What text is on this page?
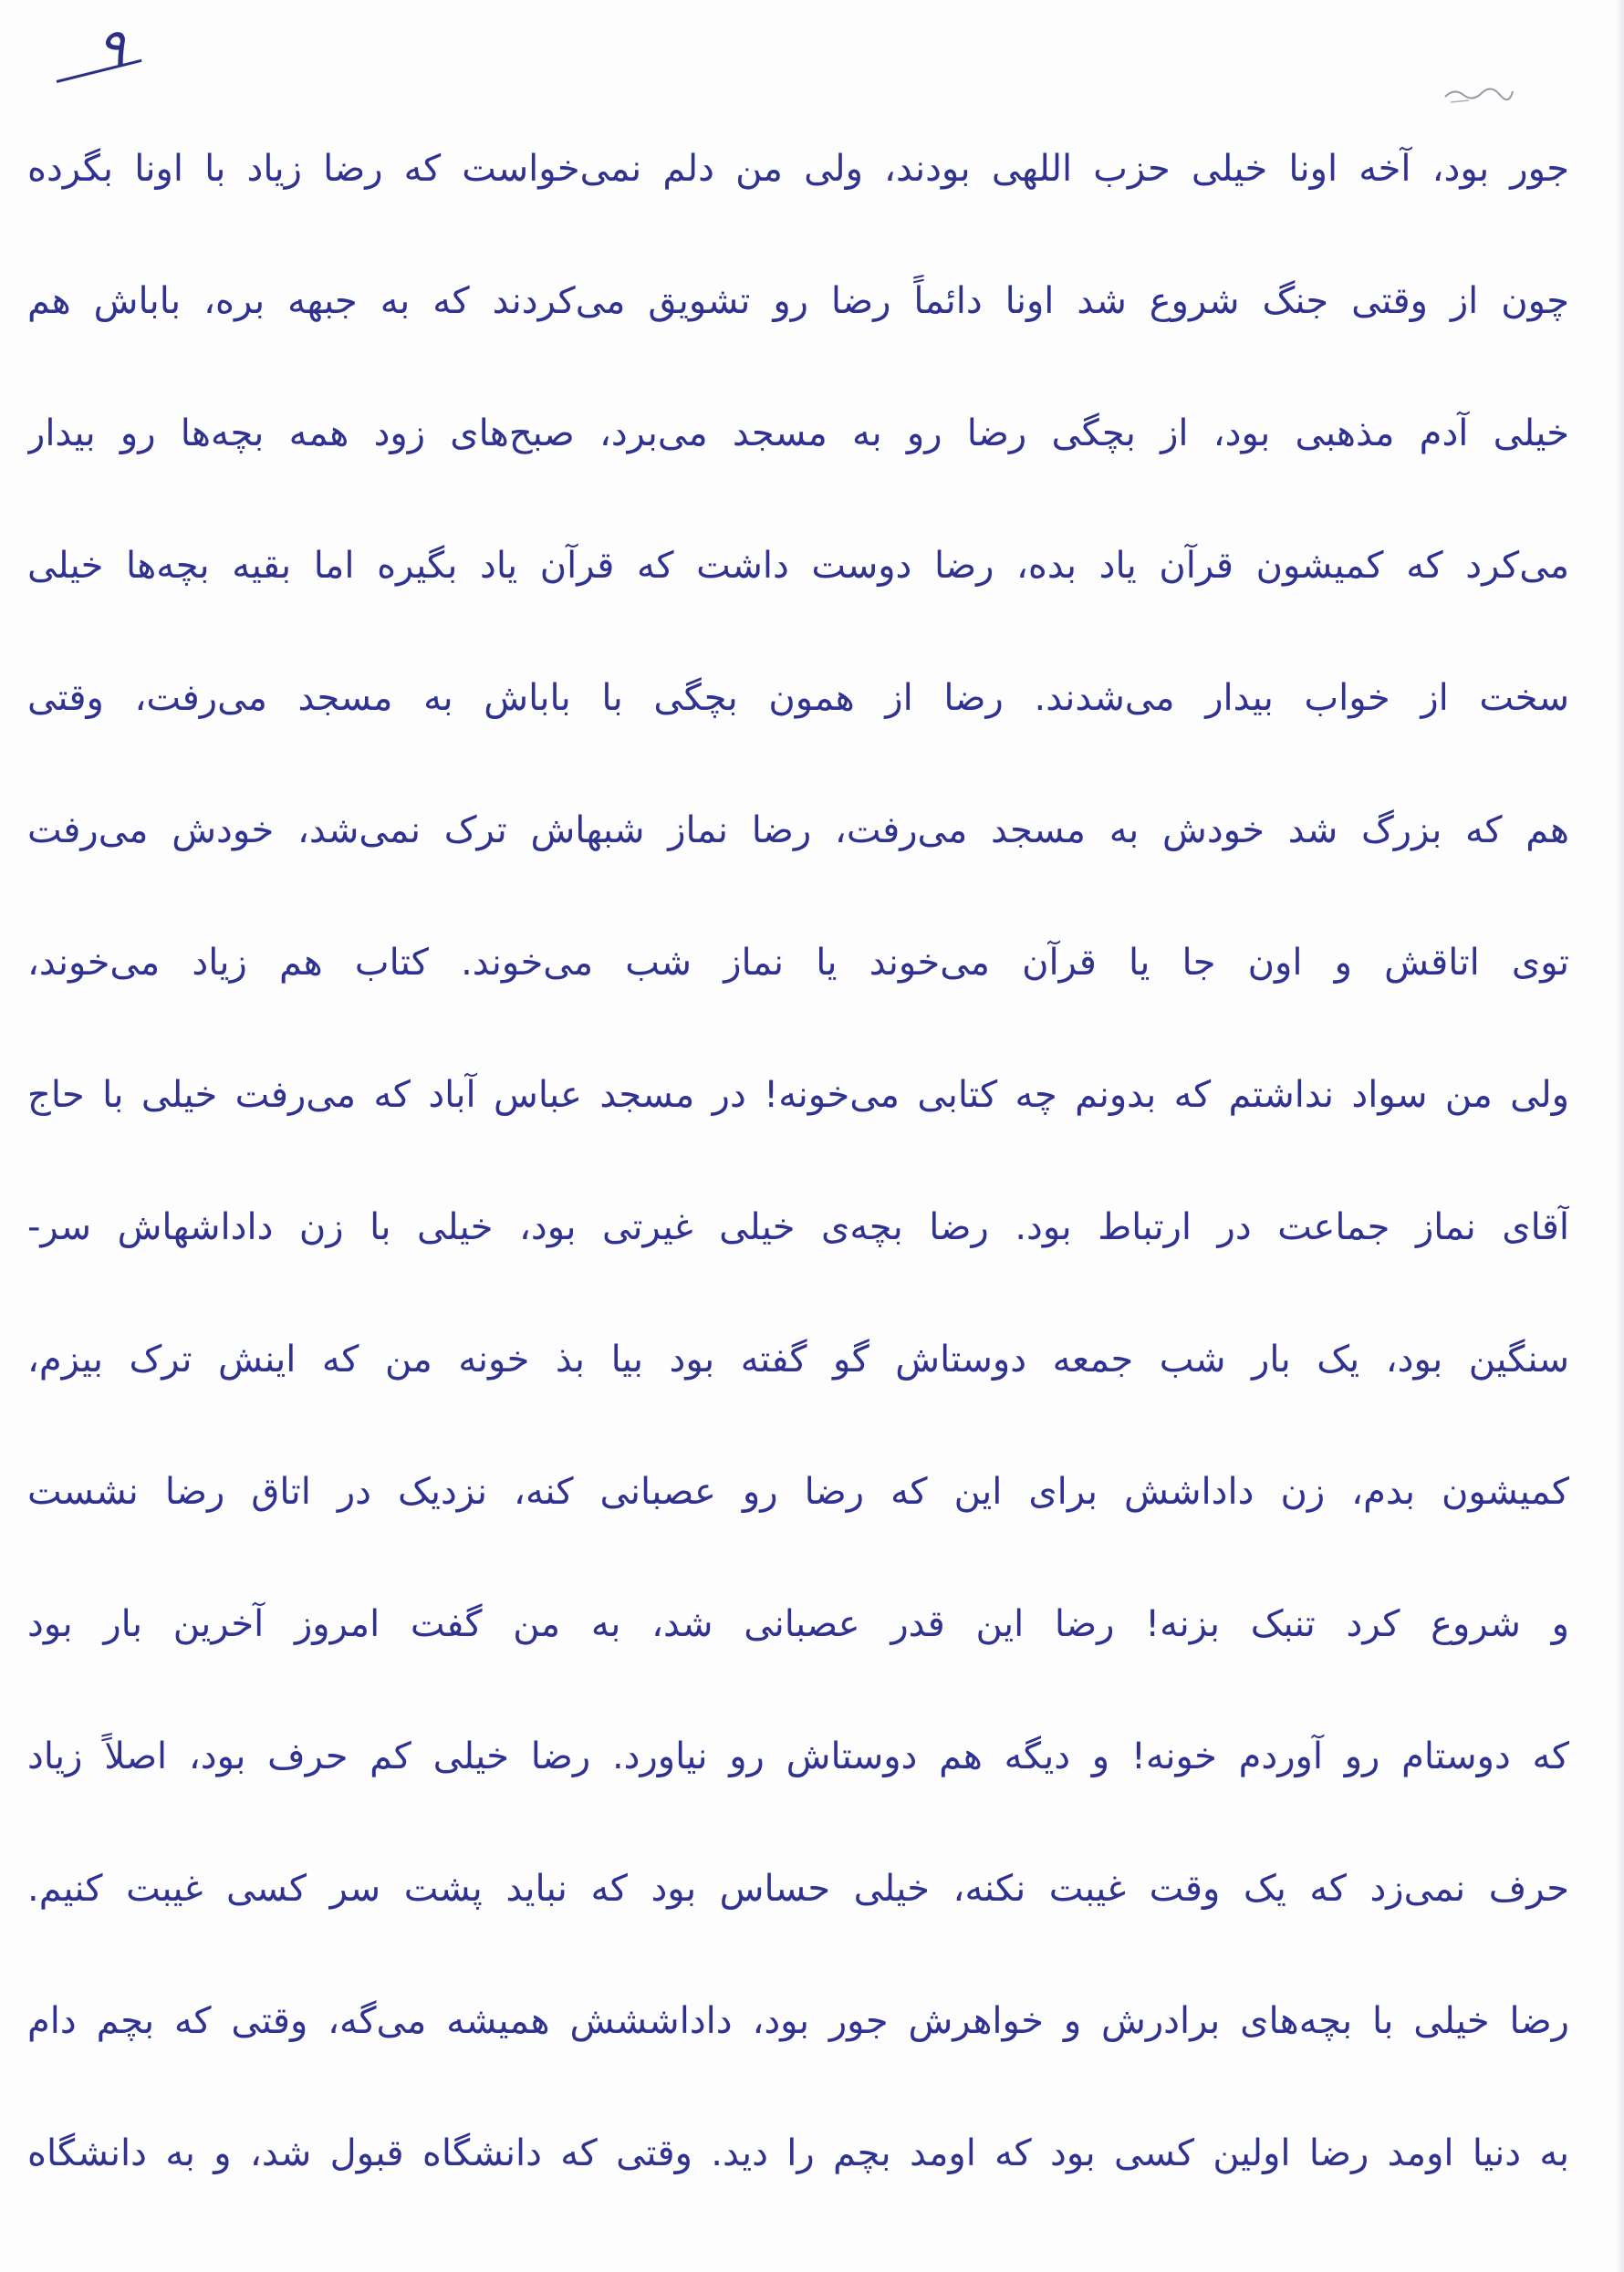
۹
جور بود، آخه اونا خیلی حزب اللهی بودند، ولی من دلم نمی‌خواست که رضا زیاد با اونا بگرده
چون از وقتی جنگ شروع شد اونا دائماً رضا رو تشویق می‌کردند که به جبهه بره، باباش هم
خیلی آدم مذهبی بود، از بچگی رضا رو به مسجد می‌برد، صبح‌های زود همه بچه‌ها رو بیدار
می‌کرد که کمیشون قرآن یاد بده، رضا دوست داشت که قرآن یاد بگیره اما بقیه بچه‌ها خیلی
سخت از خواب بیدار می‌شدند. رضا از همون بچگی با باباش به مسجد می‌رفت، وقتی
هم که بزرگ شد خودش به مسجد می‌رفت، رضا نماز شبهاش ترک نمی‌شد، خودش می‌رفت
توی اتاقش و اون جا یا قرآن می‌خوند یا نماز شب می‌خوند. کتاب هم زیاد می‌خوند،
ولی من سواد نداشتم که بدونم چه کتابی می‌خونه! در مسجد عباس آباد که می‌رفت خیلی با حاج
آقای نماز جماعت در ارتباط بود. رضا بچه‌ی خیلی غیرتی بود، خیلی با زن داداشهاش سر-
سنگین بود، یک بار شب جمعه دوستاش گو گفته بود بیا بذ خونه من که اینش ترک بیزم،
کمیشون بدم، زن داداشش برای این که رضا رو عصبانی کنه، نزدیک در اتاق رضا نشست
و شروع کرد تنبک بزنه! رضا این قدر عصبانی شد، به من گفت امروز آخرین بار بود
که دوستام رو آوردم خونه! و دیگه هم دوستاش رو نیاورد. رضا خیلی کم حرف بود، اصلاً زیاد
حرف نمی‌زد که یک وقت غیبت نکنه، خیلی حساس بود که نباید پشت سر کسی غیبت کنیم.
رضا خیلی با بچه‌های برادرش و خواهرش جور بود، داداششش همیشه می‌گه، وقتی که بچم دام
به دنیا اومد رضا اولین کسی بود که اومد بچم را دید. وقتی که دانشگاه قبول شد، و به دانشگاه
